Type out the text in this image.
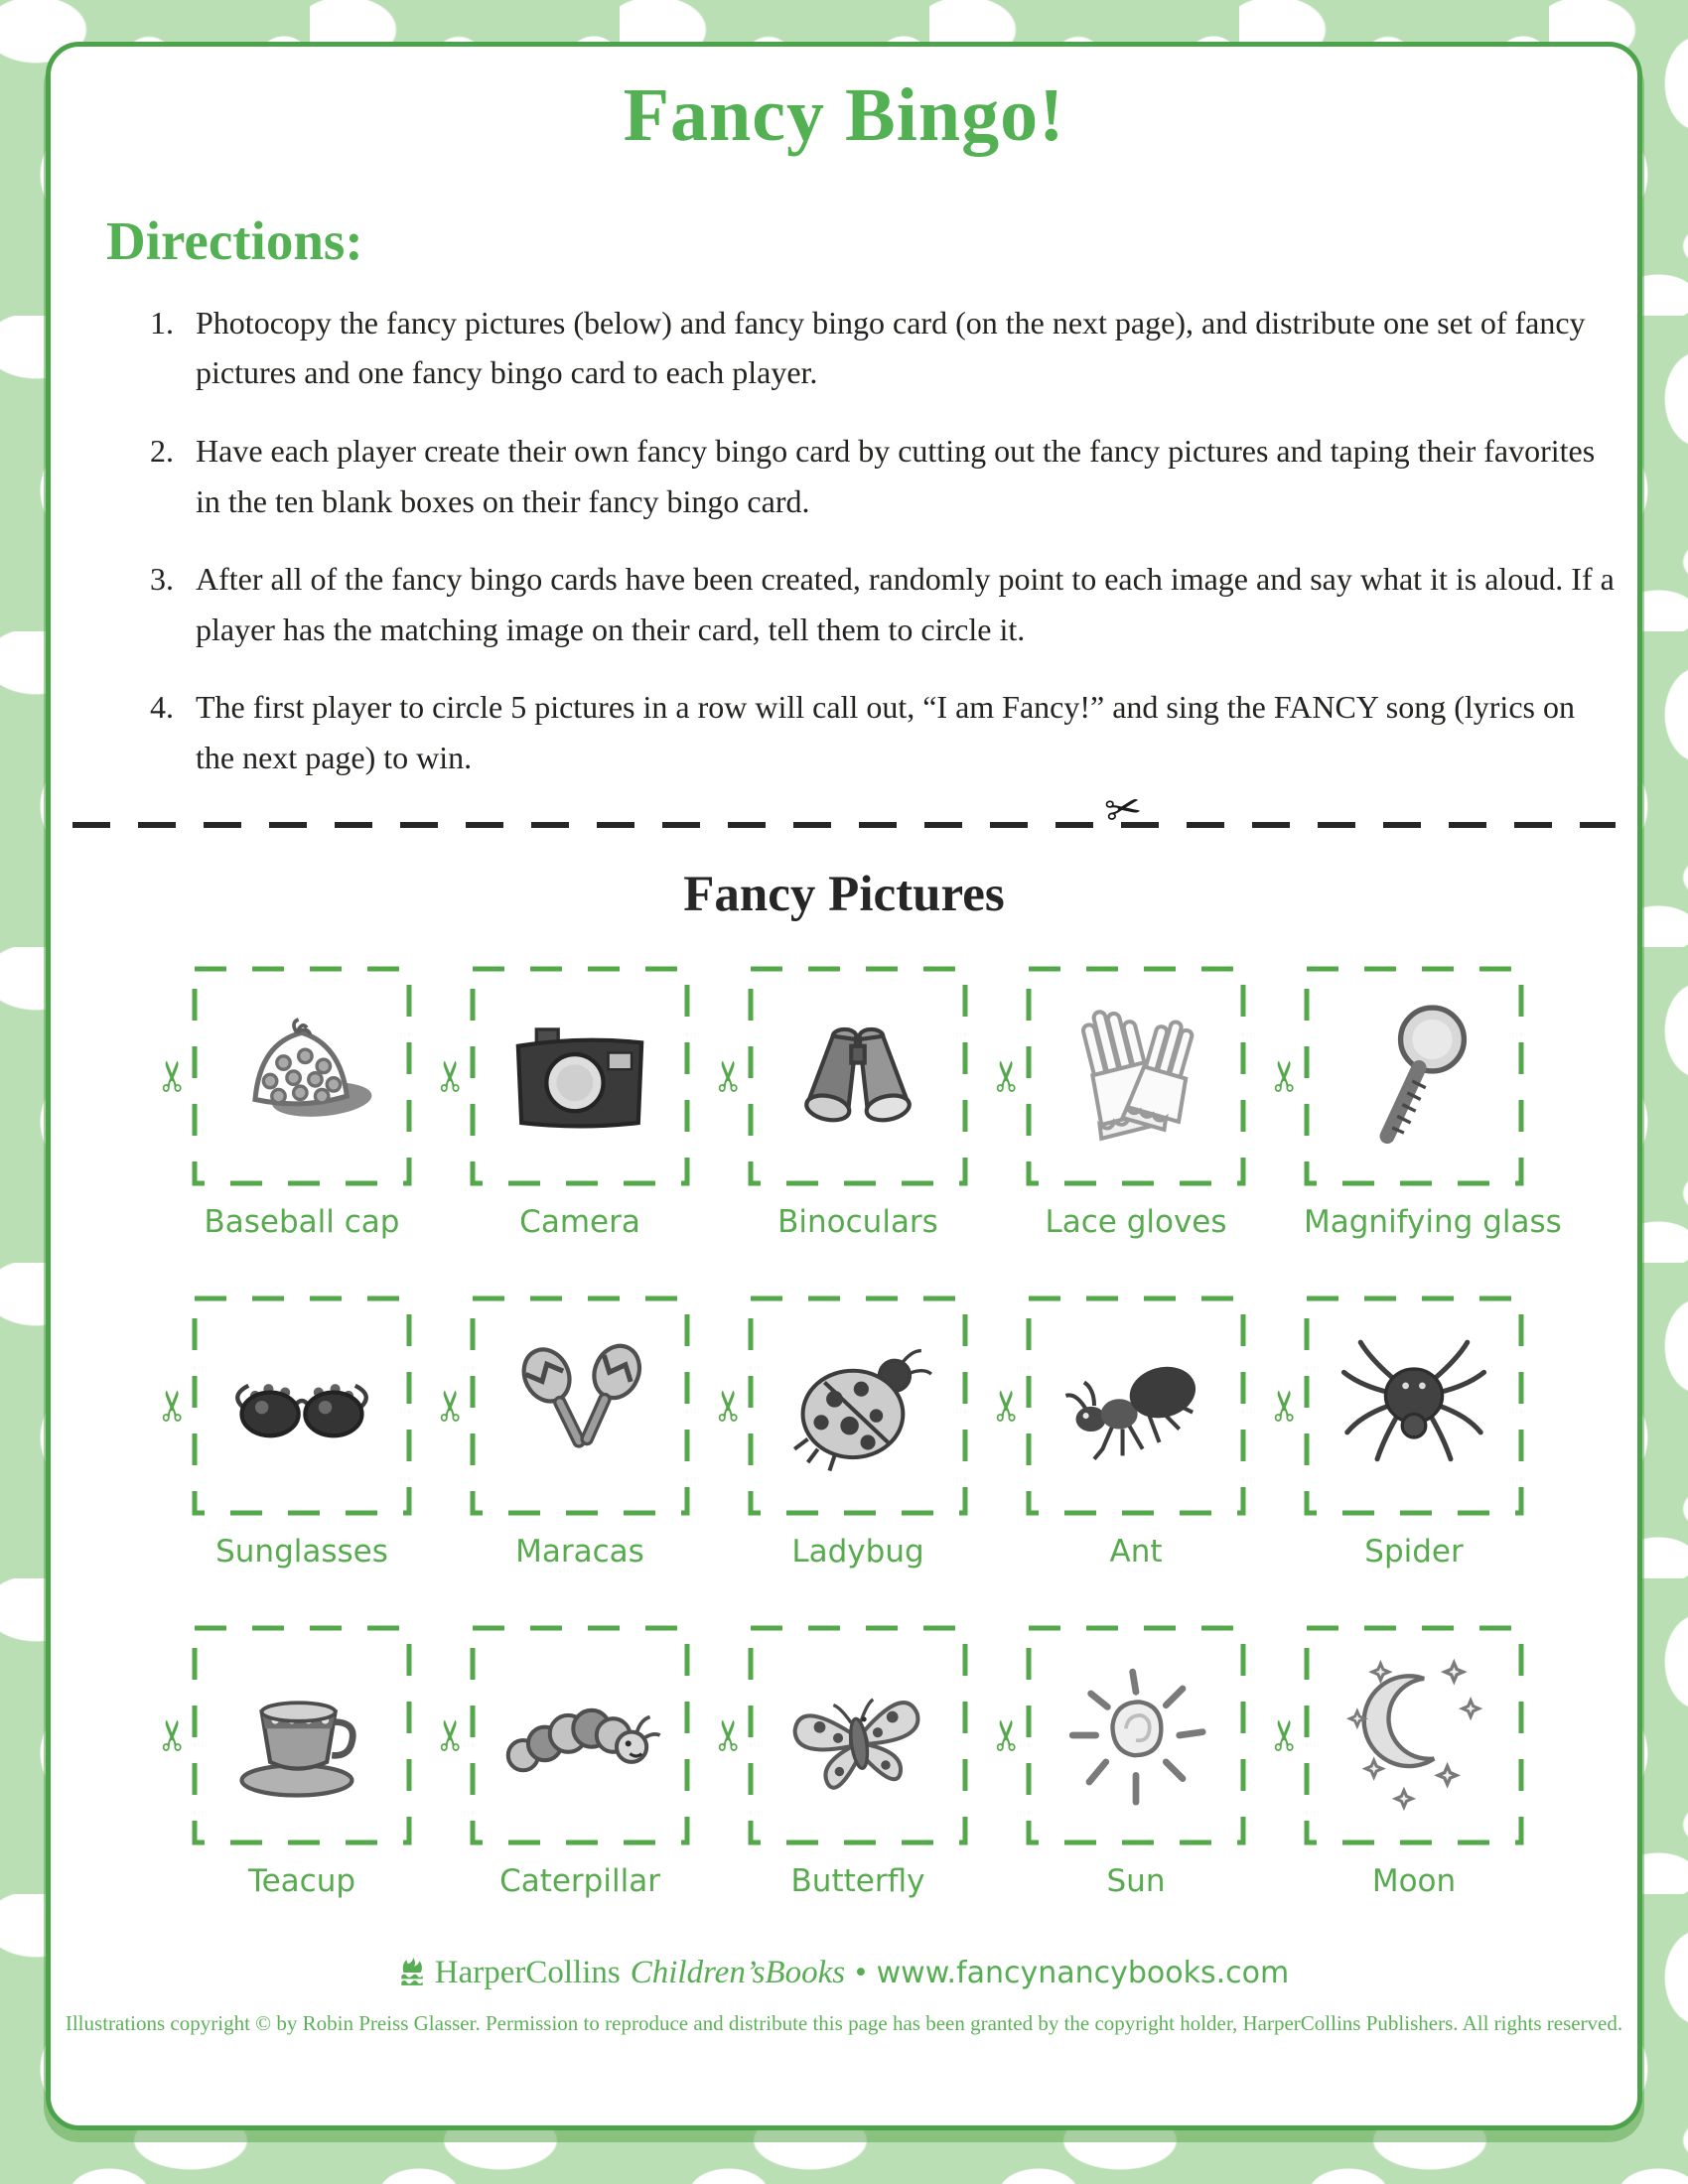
Fancy Bingo!
Directions:
1. Photocopy the fancy pictures (below) and fancy bingo card (on the next page), and distribute one set of fancy pictures and one fancy bingo card to each player.
2. Have each player create their own fancy bingo card by cutting out the fancy pictures and taping their favorites in the ten blank boxes on their fancy bingo card.
3. After all of the fancy bingo cards have been created, randomly point to each image and say what it is aloud. If a player has the matching image on their card, tell them to circle it.
4. The first player to circle 5 pictures in a row will call out, “I am Fancy!” and sing the FANCY song (lyrics on the next page) to win.
✂
Fancy Pictures
✂
Baseball cap
✂
Camera
✂
Binoculars
✂
Lace gloves
✂
Magnifying glass
✂
Sunglasses
✂
Maracas
✂
Ladybug
✂
Ant
✂
Spider
✂
Teacup
✂
Caterpillar
✂
Butterfly
✂
Sun
✂
Moon
HarperCollins Children’sBooks • www.fancynancybooks.com
Illustrations copyright © by Robin Preiss Glasser. Permission to reproduce and distribute this page has been granted by the copyright holder, HarperCollins Publishers. All rights reserved.
